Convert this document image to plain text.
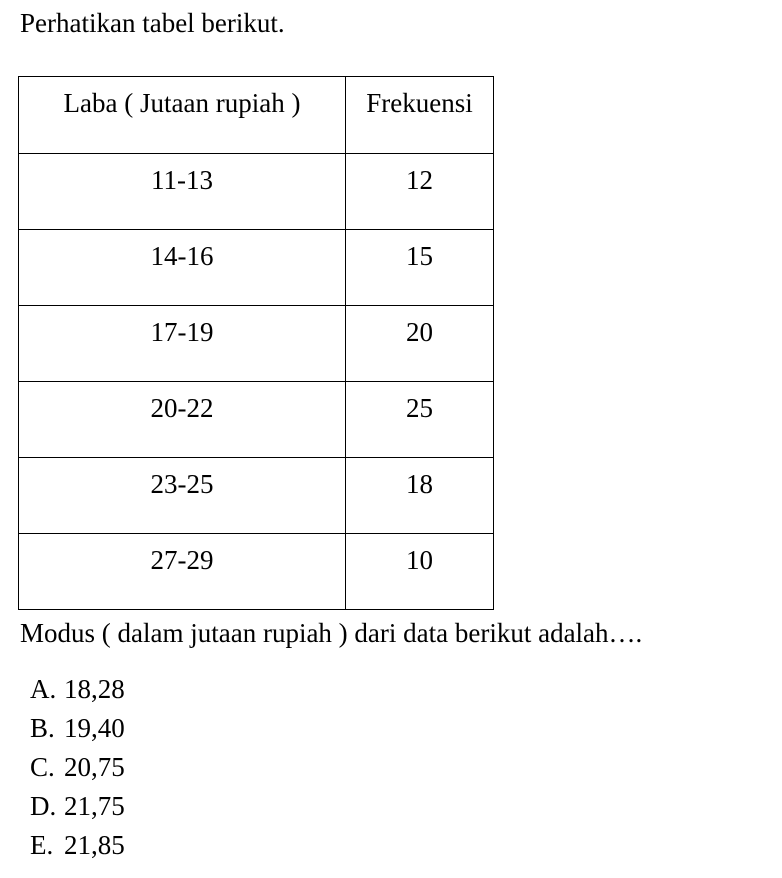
Perhatikan tabel berikut.
Laba ( Jutaan rupiah )	Frekuensi

11-13	12

14-16	15

17-19	20

20-22	25

23-25	18

27-29	10
Modus ( dalam jutaan rupiah ) dari data berikut adalah….
A. 18,28
B. 19,40
C. 20,75
D. 21,75
E. 21,85
